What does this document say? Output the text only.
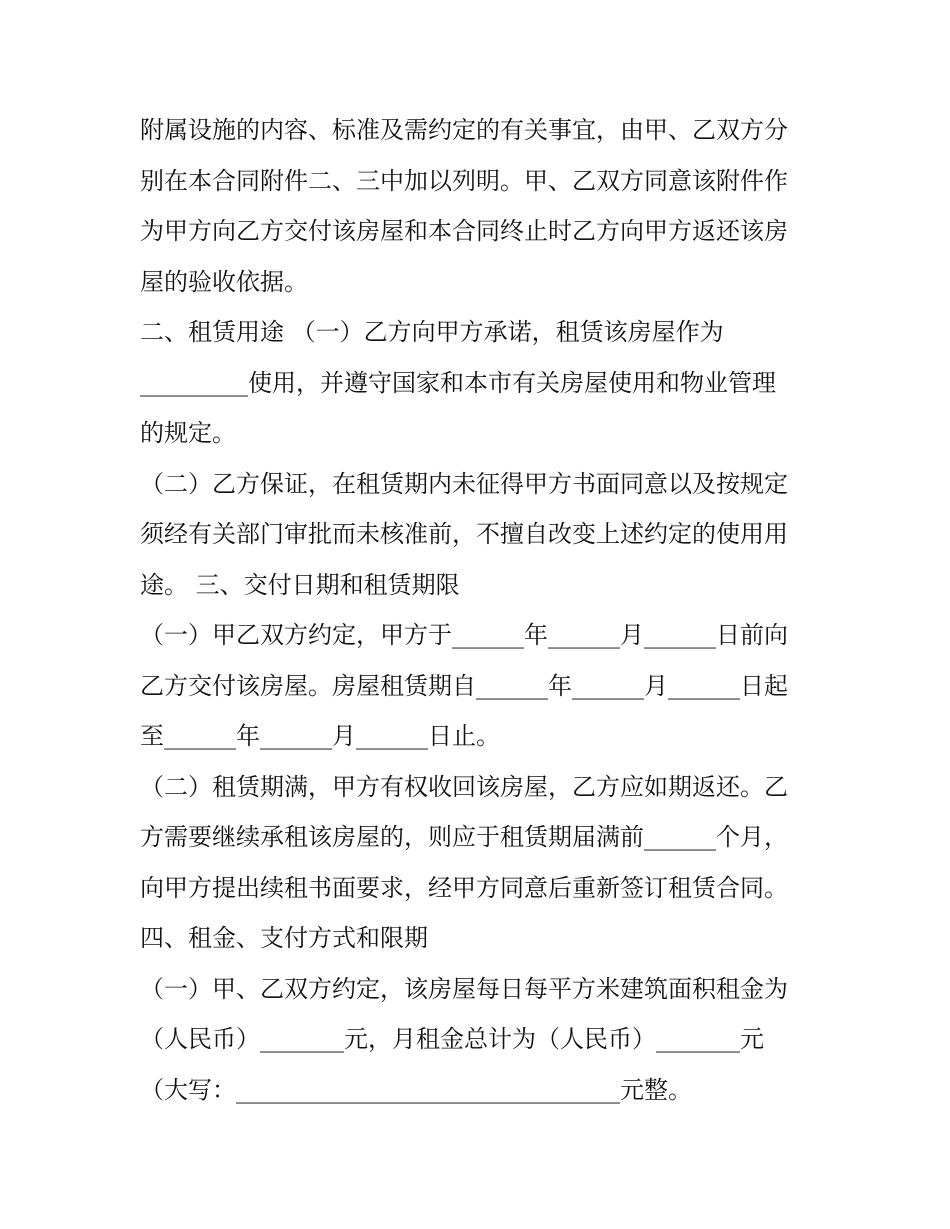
附属设施的内容、标准及需约定的有关事宜，由甲、乙双方分
别在本合同附件二、三中加以列明。甲、乙双方同意该附件作
为甲方向乙方交付该房屋和本合同终止时乙方向甲方返还该房
屋的验收依据。
二、租赁用途 （一）乙方向甲方承诺，租赁该房屋作为
_________使用，并遵守国家和本市有关房屋使用和物业管理
的规定。
（二）乙方保证，在租赁期内未征得甲方书面同意以及按规定
须经有关部门审批而未核准前，不擅自改变上述约定的使用用
途。 三、交付日期和租赁期限
（一）甲乙双方约定，甲方于______年______月______日前向
乙方交付该房屋。房屋租赁期自______年______月______日起
至______年______月______日止。
（二）租赁期满，甲方有权收回该房屋，乙方应如期返还。乙
方需要继续承租该房屋的，则应于租赁期届满前______个月，
向甲方提出续租书面要求，经甲方同意后重新签订租赁合同。
四、租金、支付方式和限期
（一）甲、乙双方约定，该房屋每日每平方米建筑面积租金为
（人民币）_______元，月租金总计为（人民币）_______元
（大写：________________________________元整。
